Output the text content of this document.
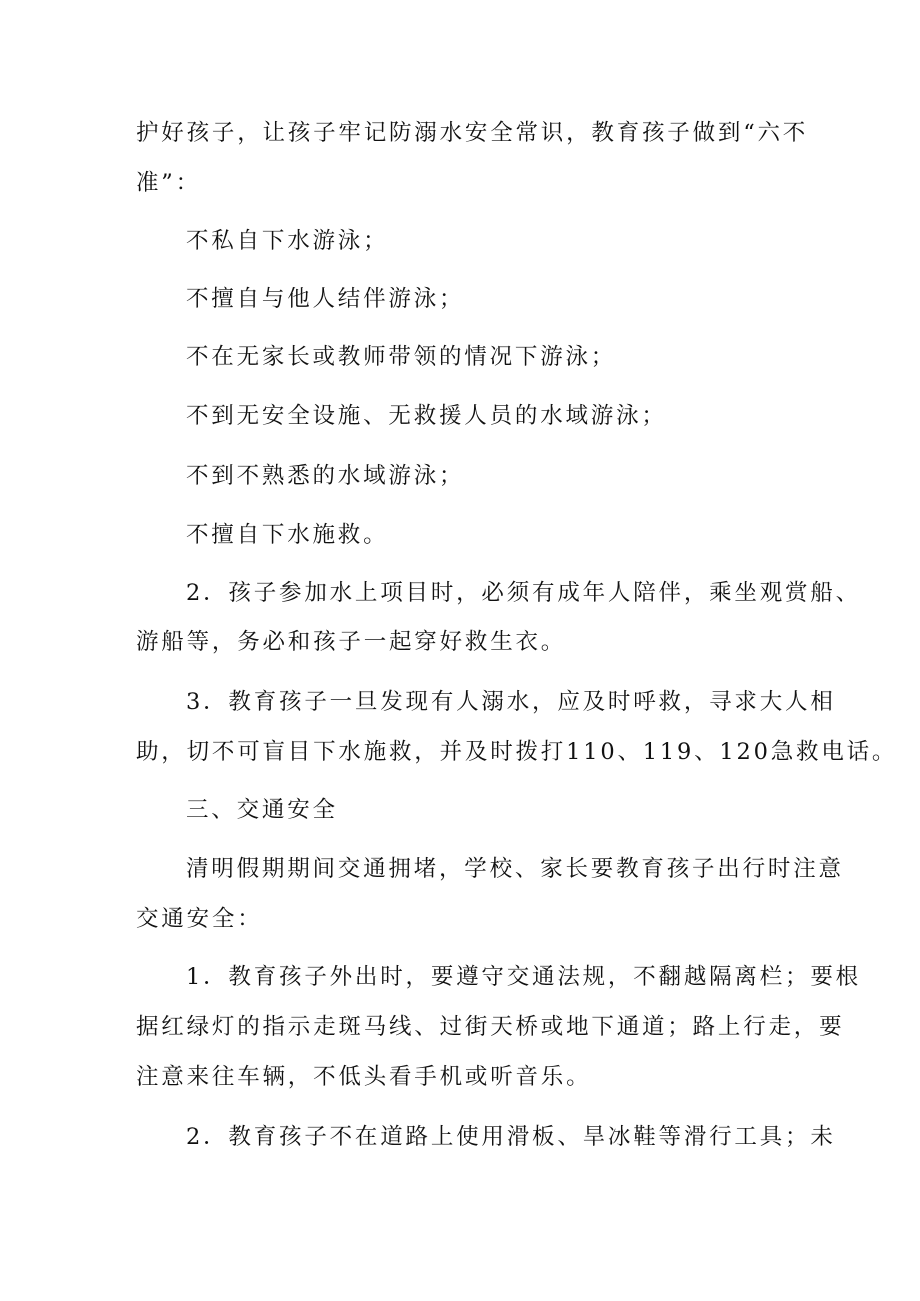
护好孩子，让孩子牢记防溺水安全常识，教育孩子做到“六不
准”：
不私自下水游泳；
不擅自与他人结伴游泳；
不在无家长或教师带领的情况下游泳；
不到无安全设施、无救援人员的水域游泳；
不到不熟悉的水域游泳；
不擅自下水施救。
2．孩子参加水上项目时，必须有成年人陪伴，乘坐观赏船、
游船等，务必和孩子一起穿好救生衣。
3．教育孩子一旦发现有人溺水，应及时呼救，寻求大人相
助，切不可盲目下水施救，并及时拨打110、119、120急救电话。
三、交通安全
清明假期期间交通拥堵，学校、家长要教育孩子出行时注意
交通安全：
1．教育孩子外出时，要遵守交通法规，不翻越隔离栏；要根
据红绿灯的指示走斑马线、过街天桥或地下通道；路上行走，要
注意来往车辆，不低头看手机或听音乐。
2．教育孩子不在道路上使用滑板、旱冰鞋等滑行工具；未
